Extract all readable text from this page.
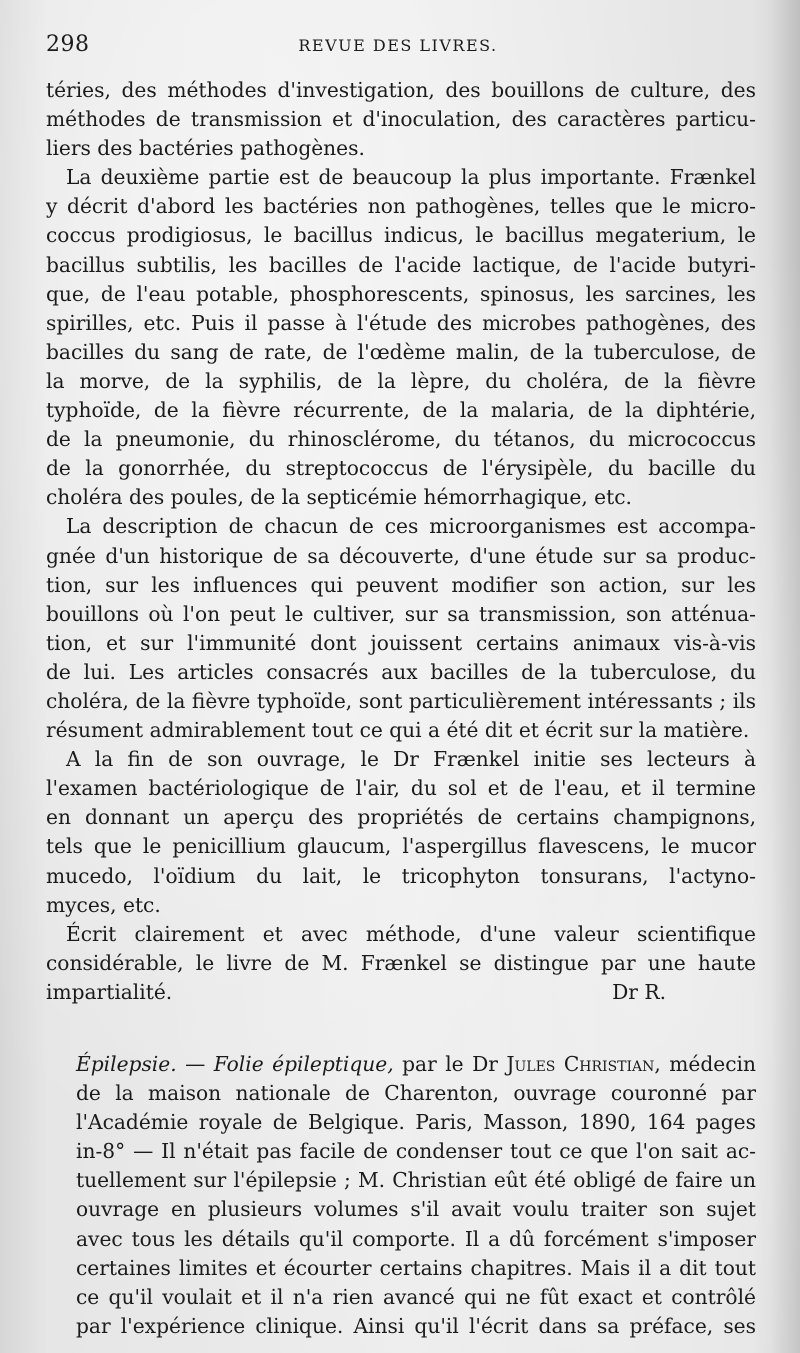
298	REVUE DES LIVRES.
téries, des méthodes d'investigation, des bouillons de culture, des
méthodes de transmission et d'inoculation, des caractères particu-
liers des bactéries pathogènes.
La deuxième partie est de beaucoup la plus importante. Frænkel
y décrit d'abord les bactéries non pathogènes, telles que le micro-
coccus prodigiosus, le bacillus indicus, le bacillus megaterium, le
bacillus subtilis, les bacilles de l'acide lactique, de l'acide butyri-
que, de l'eau potable, phosphorescents, spinosus, les sarcines, les
spirilles, etc. Puis il passe à l'étude des microbes pathogènes, des
bacilles du sang de rate, de l'œdème malin, de la tuberculose, de
la morve, de la syphilis, de la lèpre, du choléra, de la fièvre
typhoïde, de la fièvre récurrente, de la malaria, de la diphtérie,
de la pneumonie, du rhinosclérome, du tétanos, du micrococcus
de la gonorrhée, du streptococcus de l'érysipèle, du bacille du
choléra des poules, de la septicémie hémorrhagique, etc.
La description de chacun de ces microorganismes est accompa-
gnée d'un historique de sa découverte, d'une étude sur sa produc-
tion, sur les influences qui peuvent modifier son action, sur les
bouillons où l'on peut le cultiver, sur sa transmission, son atténua-
tion, et sur l'immunité dont jouissent certains animaux vis-à-vis
de lui. Les articles consacrés aux bacilles de la tuberculose, du
choléra, de la fièvre typhoïde, sont particulièrement intéressants ; ils
résument admirablement tout ce qui a été dit et écrit sur la matière.
A la fin de son ouvrage, le Dr Frænkel initie ses lecteurs à
l'examen bactériologique de l'air, du sol et de l'eau, et il termine
en donnant un aperçu des propriétés de certains champignons,
tels que le penicillium glaucum, l'aspergillus flavescens, le mucor
mucedo, l'oïdium du lait, le tricophyton tonsurans, l'actyno-
myces, etc.
Écrit clairement et avec méthode, d'une valeur scientifique
considérable, le livre de M. Frænkel se distingue par une haute
impartialité.	Dr R.
Épilepsie. — Folie épileptique, par le Dr Jules Christian, médecin
de la maison nationale de Charenton, ouvrage couronné par
l'Académie royale de Belgique. Paris, Masson, 1890, 164 pages
in-8° — Il n'était pas facile de condenser tout ce que l'on sait ac-
tuellement sur l'épilepsie ; M. Christian eût été obligé de faire un
ouvrage en plusieurs volumes s'il avait voulu traiter son sujet
avec tous les détails qu'il comporte. Il a dû forcément s'imposer
certaines limites et écourter certains chapitres. Mais il a dit tout
ce qu'il voulait et il n'a rien avancé qui ne fût exact et contrôlé
par l'expérience clinique. Ainsi qu'il l'écrit dans sa préface, ses
